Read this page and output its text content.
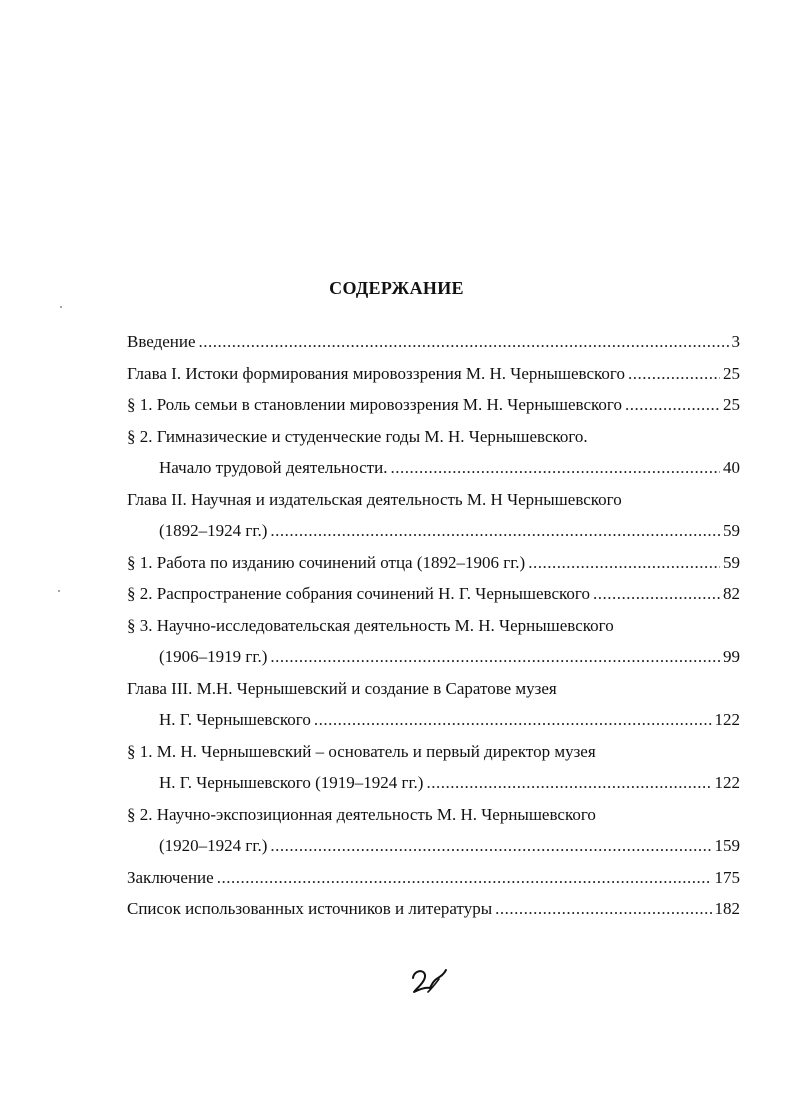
СОДЕРЖАНИЕ
Введение .....	3
Глава I. Истоки формирования мировоззрения М. Н. Чернышевского .....	25
§ 1. Роль семьи в становлении мировоззрения М. Н. Чернышевского .....	25
§ 2. Гимназические и студенческие годы М. Н. Чернышевского.
Начало трудовой деятельности. .....	40
Глава II. Научная и издательская деятельность М. Н Чернышевского
(1892–1924 гг.) .....	59
§ 1. Работа по изданию сочинений отца (1892–1906 гг.) .....	59
§ 2. Распространение собрания сочинений Н. Г. Чернышевского .....	82
§ 3. Научно-исследовательская деятельность М. Н. Чернышевского
(1906–1919 гг.) .....	99
Глава III. М.Н. Чернышевский и создание в Саратове музея
Н. Г. Чернышевского .....	122
§ 1. М. Н. Чернышевский – основатель и первый директор музея
Н. Г. Чернышевского (1919–1924 гг.) .....	122
§ 2. Научно-экспозиционная деятельность М. Н. Чернышевского
(1920–1924 гг.) .....	159
Заключение .....	175
Список использованных источников и литературы .....	182
